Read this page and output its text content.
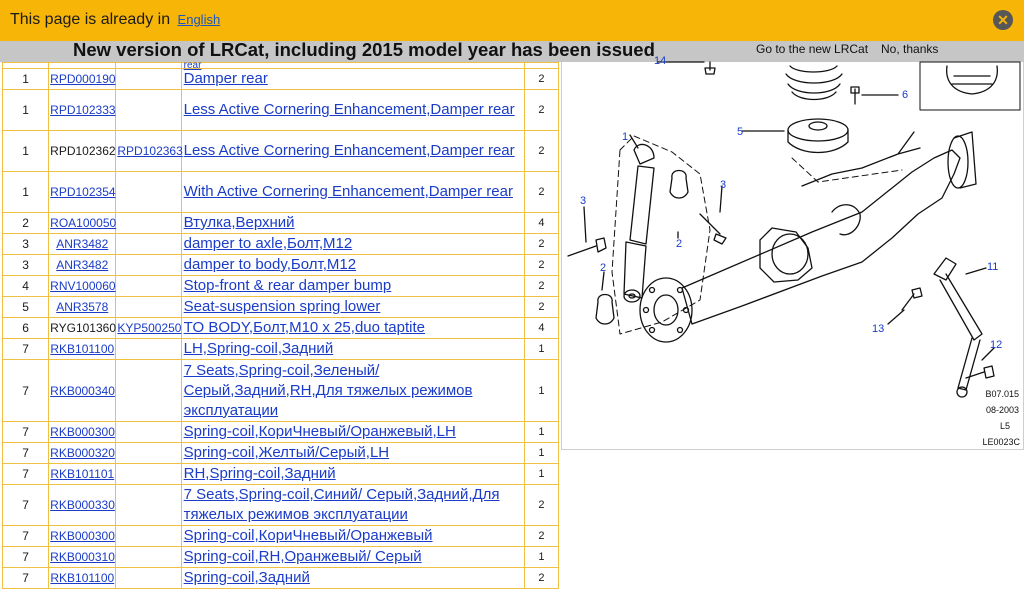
This page is already in English	✕
New version of LRCat, including 2015 model year has been issued	Go to the new LRCat No, thanks
			rear	
1	RPD000190		Damper rear	2
1	RPD102333		Less Active Cornering Enhancement,Damper rear	2
1	RPD102362	RPD102363	Less Active Cornering Enhancement,Damper rear	2
1	RPD102354		With Active Cornering Enhancement,Damper rear	2
2	ROA100050		Втулка,Верхний	4
3	ANR3482		damper to axle,Болт,M12	2
3	ANR3482		damper to body,Болт,M12	2
4	RNV100060		Stop-front & rear damper bump	2
5	ANR3578		Seat-suspension spring lower	2
6	RYG101360	KYP500250	TO BODY,Болт,M10 x 25,duo taptite	4
7	RKB101100		LH,Spring-coil,Задний	1
7	RKB000340		7 Seats,Spring-coil,Зеленый/ Серый,Задний,RH,Для тяжелых режимов эксплуатации	1
7	RKB000300		Spring-coil,КориЧневый/Оранжевый,LH	1
7	RKB000320		Spring-coil,Желтый/Серый,LH	1
7	RKB101101		RH,Spring-coil,Задний	1
7	RKB000330		7 Seats,Spring-coil,Синий/ Серый,Задний,Для тяжелых режимов эксплуатации	2
7	RKB000300		Spring-coil,КориЧневый/Оранжевый	2
7	RKB000310		Spring-coil,RH,Оранжевый/ Серый	1
7	RKB101100		Spring-coil,Задний	2
14
6
5
1
3
3
2
2	11
13
12
B07.015
08-2003
L5
LE0023C
